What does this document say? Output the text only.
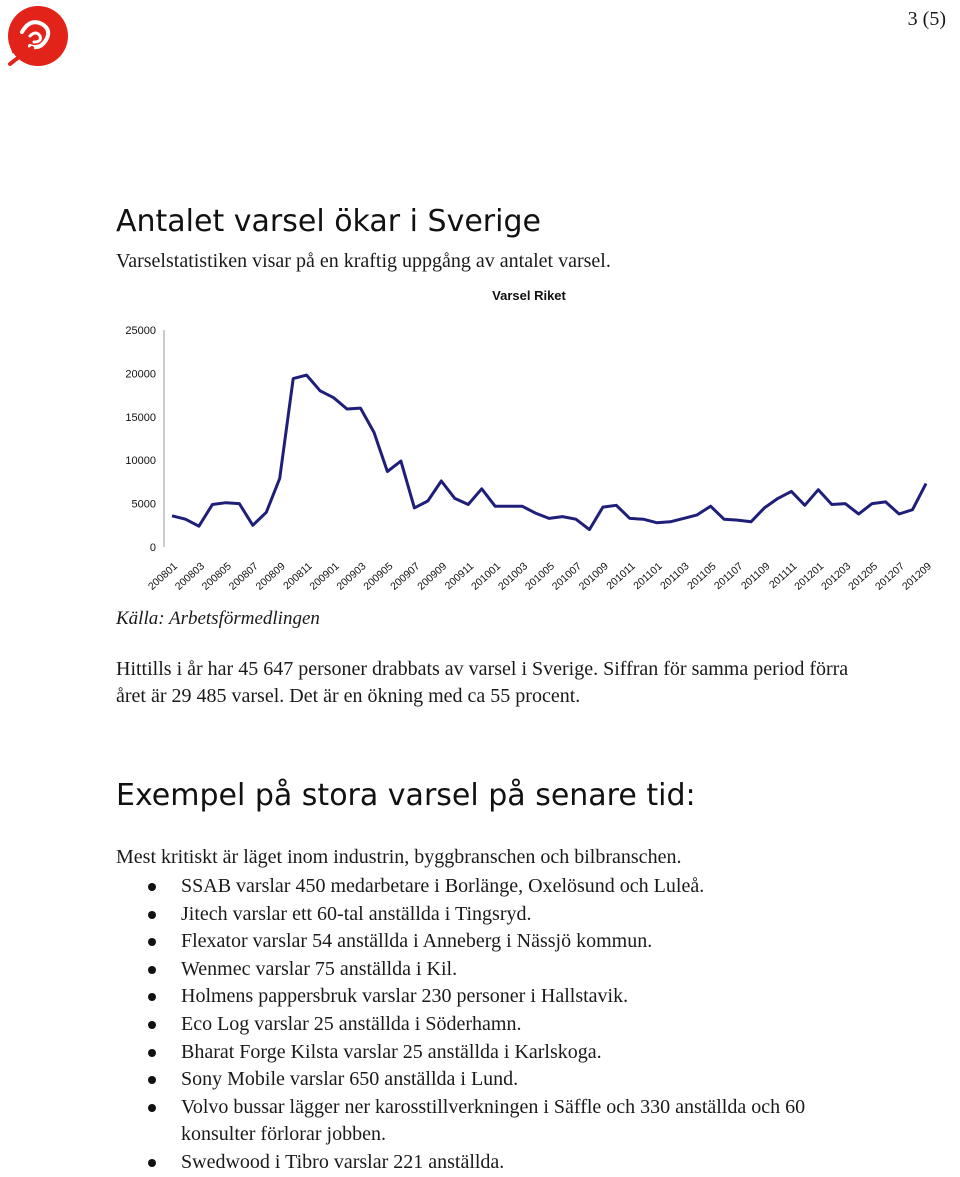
3 (5)
Antalet varsel ökar i Sverige

Varselstatistiken visar på en kraftig uppgång av antalet varsel.

Varsel Riket
0
5000
10000
15000
20000
25000
200801
200803
200805
200807
200809
200811
200901
200903
200905
200907
200909
200911
201001
201003
201005
201007
201009
201011
201101
201103
201105
201107
201109
201111
201201
201203
201205
201207
201209

Källa: Arbetsförmedlingen

Hittills i år har 45 647 personer drabbats av varsel i Sverige. Siffran för samma period förra året är 29 485 varsel. Det är en ökning med ca 55 procent.

Exempel på stora varsel på senare tid:

Mest kritiskt är läget inom industrin, byggbranschen och bilbranschen.

SSAB varslar 450 medarbetare i Borlänge, Oxelösund och Luleå.
Jitech varslar ett 60-tal anställda i Tingsryd.
Flexator varslar 54 anställda i Anneberg i Nässjö kommun.
Wenmec varslar 75 anställda i Kil.
Holmens pappersbruk varslar 230 personer i Hallstavik.
Eco Log varslar 25 anställda i Söderhamn.
Bharat Forge Kilsta varslar 25 anställda i Karlskoga.
Sony Mobile varslar 650 anställda i Lund.
Volvo bussar lägger ner karosstillverkningen i Säffle och 330 anställda och 60 konsulter förlorar jobben.
Swedwood i Tibro varslar 221 anställda.
